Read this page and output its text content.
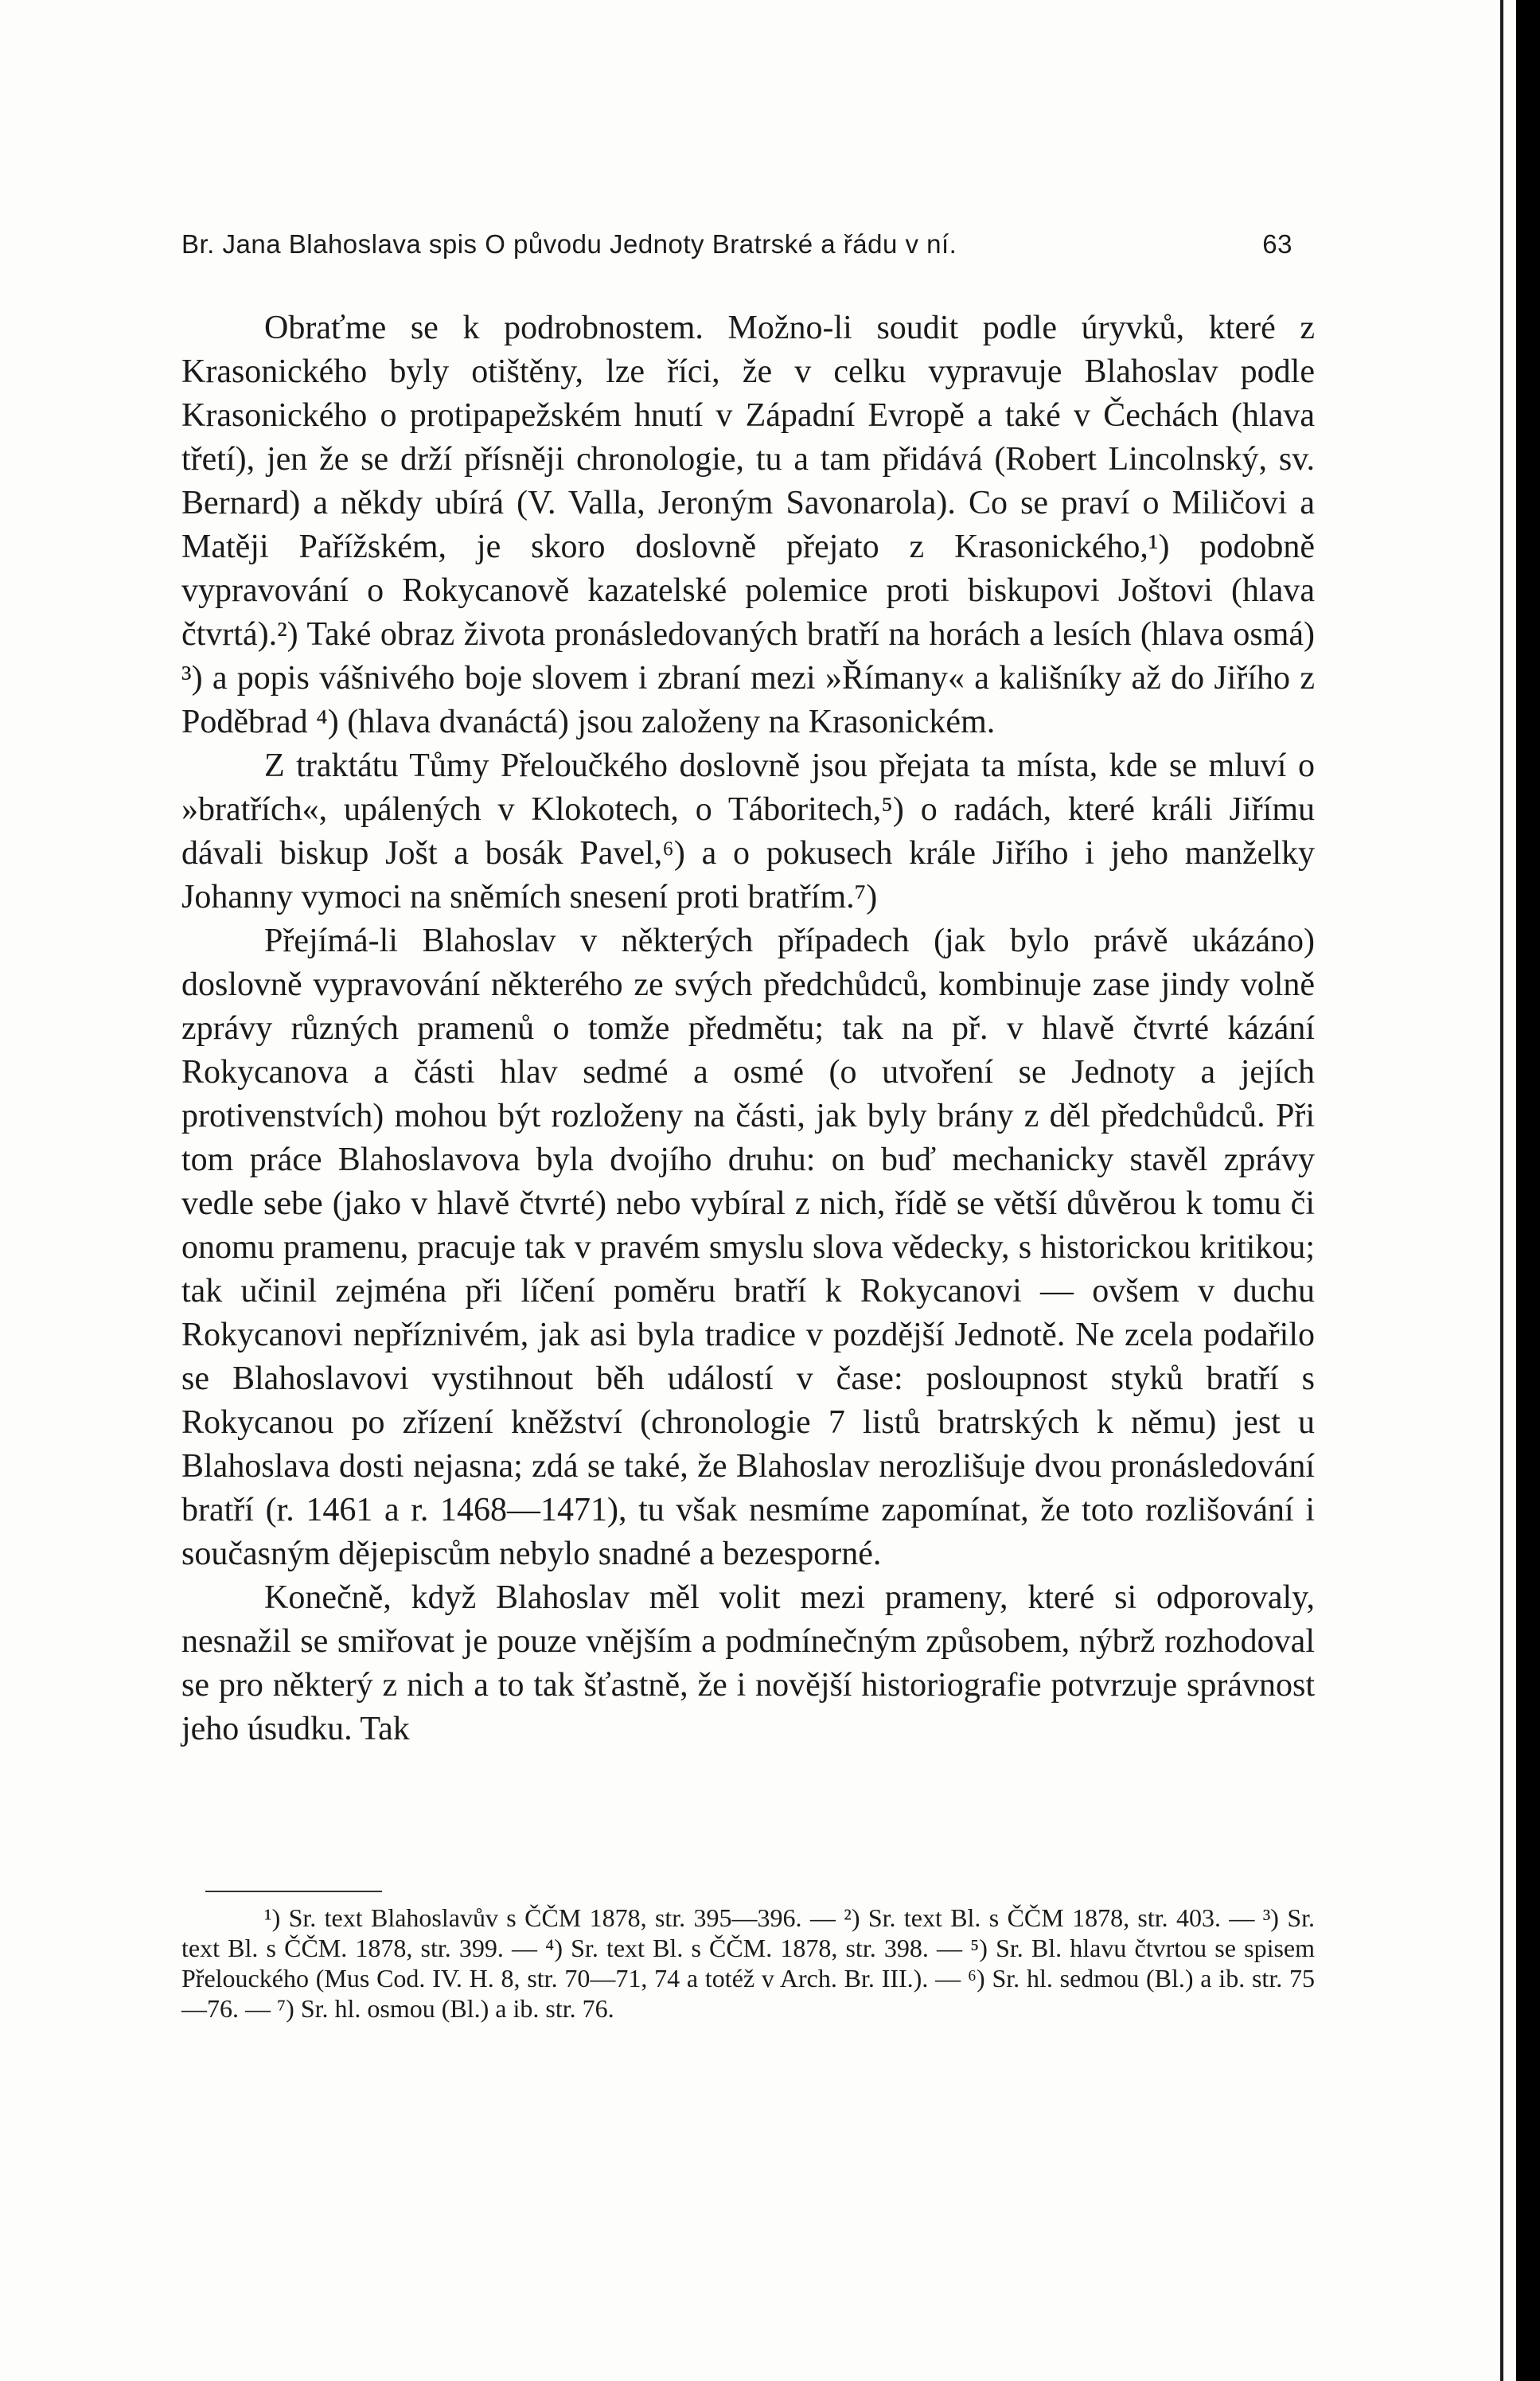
Br. Jana Blahoslava spis O původu Jednoty Bratrské a řádu v ní.	63

Obraťme se k podrobnostem. Možno-li soudit podle úryvků, které z Krasonického byly otištěny, lze říci, že v celku vypravuje Blahoslav podle Krasonického o protipapežském hnutí v Západní Evropě a také v Čechách (hlava třetí), jen že se drží přísněji chronologie, tu a tam přidává (Robert Lincolnský, sv. Bernard) a někdy ubírá (V. Valla, Jeroným Savonarola). Co se praví o Miličovi a Matěji Pařížském, je skoro doslovně přejato z Krasonického,¹) podobně vypravování o Rokycanově kazatelské polemice proti biskupovi Joštovi (hlava čtvrtá).²) Také obraz života pronásledovaných bratří na horách a lesích (hlava osmá) ³) a popis vášnivého boje slovem i zbraní mezi »Římany« a kališníky až do Jiřího z Poděbrad ⁴) (hlava dvanáctá) jsou založeny na Krasonickém.

Z traktátu Tůmy Přeloučkého doslovně jsou přejata ta místa, kde se mluví o »bratřích«, upálených v Klokotech, o Táboritech,⁵) o radách, které králi Jiřímu dávali biskup Jošt a bosák Pavel,⁶) a o pokusech krále Jiřího i jeho manželky Johanny vymoci na sněmích snesení proti bratřím.⁷)

Přejímá-li Blahoslav v některých případech (jak bylo právě ukázáno) doslovně vypravování některého ze svých předchůdců, kombinuje zase jindy volně zprávy různých pramenů o tomže předmětu; tak na př. v hlavě čtvrté kázání Rokycanova a části hlav sedmé a osmé (o utvoření se Jednoty a jejích protivenstvích) mohou být rozloženy na části, jak byly brány z děl předchůdců. Při tom práce Blahoslavova byla dvojího druhu: on buď mechanicky stavěl zprávy vedle sebe (jako v hlavě čtvrté) nebo vybíral z nich, řídě se větší důvěrou k tomu či onomu pramenu, pracuje tak v pravém smyslu slova vědecky, s historickou kritikou; tak učinil zejména při líčení poměru bratří k Rokycanovi — ovšem v duchu Rokycanovi nepříznivém, jak asi byla tradice v pozdější Jednotě. Ne zcela podařilo se Blahoslavovi vystihnout běh událostí v čase: posloupnost styků bratří s Rokycanou po zřízení kněžství (chronologie 7 listů bratrských k němu) jest u Blahoslava dosti nejasna; zdá se také, že Blahoslav nerozlišuje dvou pronásledování bratří (r. 1461 a r. 1468—1471), tu však nesmíme zapomínat, že toto rozlišování i současným dějepiscům nebylo snadné a bezesporné.

Konečně, když Blahoslav měl volit mezi prameny, které si odporovaly, nesnažil se smiřovat je pouze vnějším a podmínečným způsobem, nýbrž rozhodoval se pro některý z nich a to tak šťastně, že i novější historiografie potvrzuje správnost jeho úsudku. Tak

¹) Sr. text Blahoslavův s ČČM 1878, str. 395—396. — ²) Sr. text Bl. s ČČM 1878, str. 403. — ³) Sr. text Bl. s ČČM. 1878, str. 399. — ⁴) Sr. text Bl. s ČČM. 1878, str. 398. — ⁵) Sr. Bl. hlavu čtvrtou se spisem Přelouckého (Mus Cod. IV. H. 8, str. 70—71, 74 a totéž v Arch. Br. III.). — ⁶) Sr. hl. sedmou (Bl.) a ib. str. 75—76. — ⁷) Sr. hl. osmou (Bl.) a ib. str. 76.
